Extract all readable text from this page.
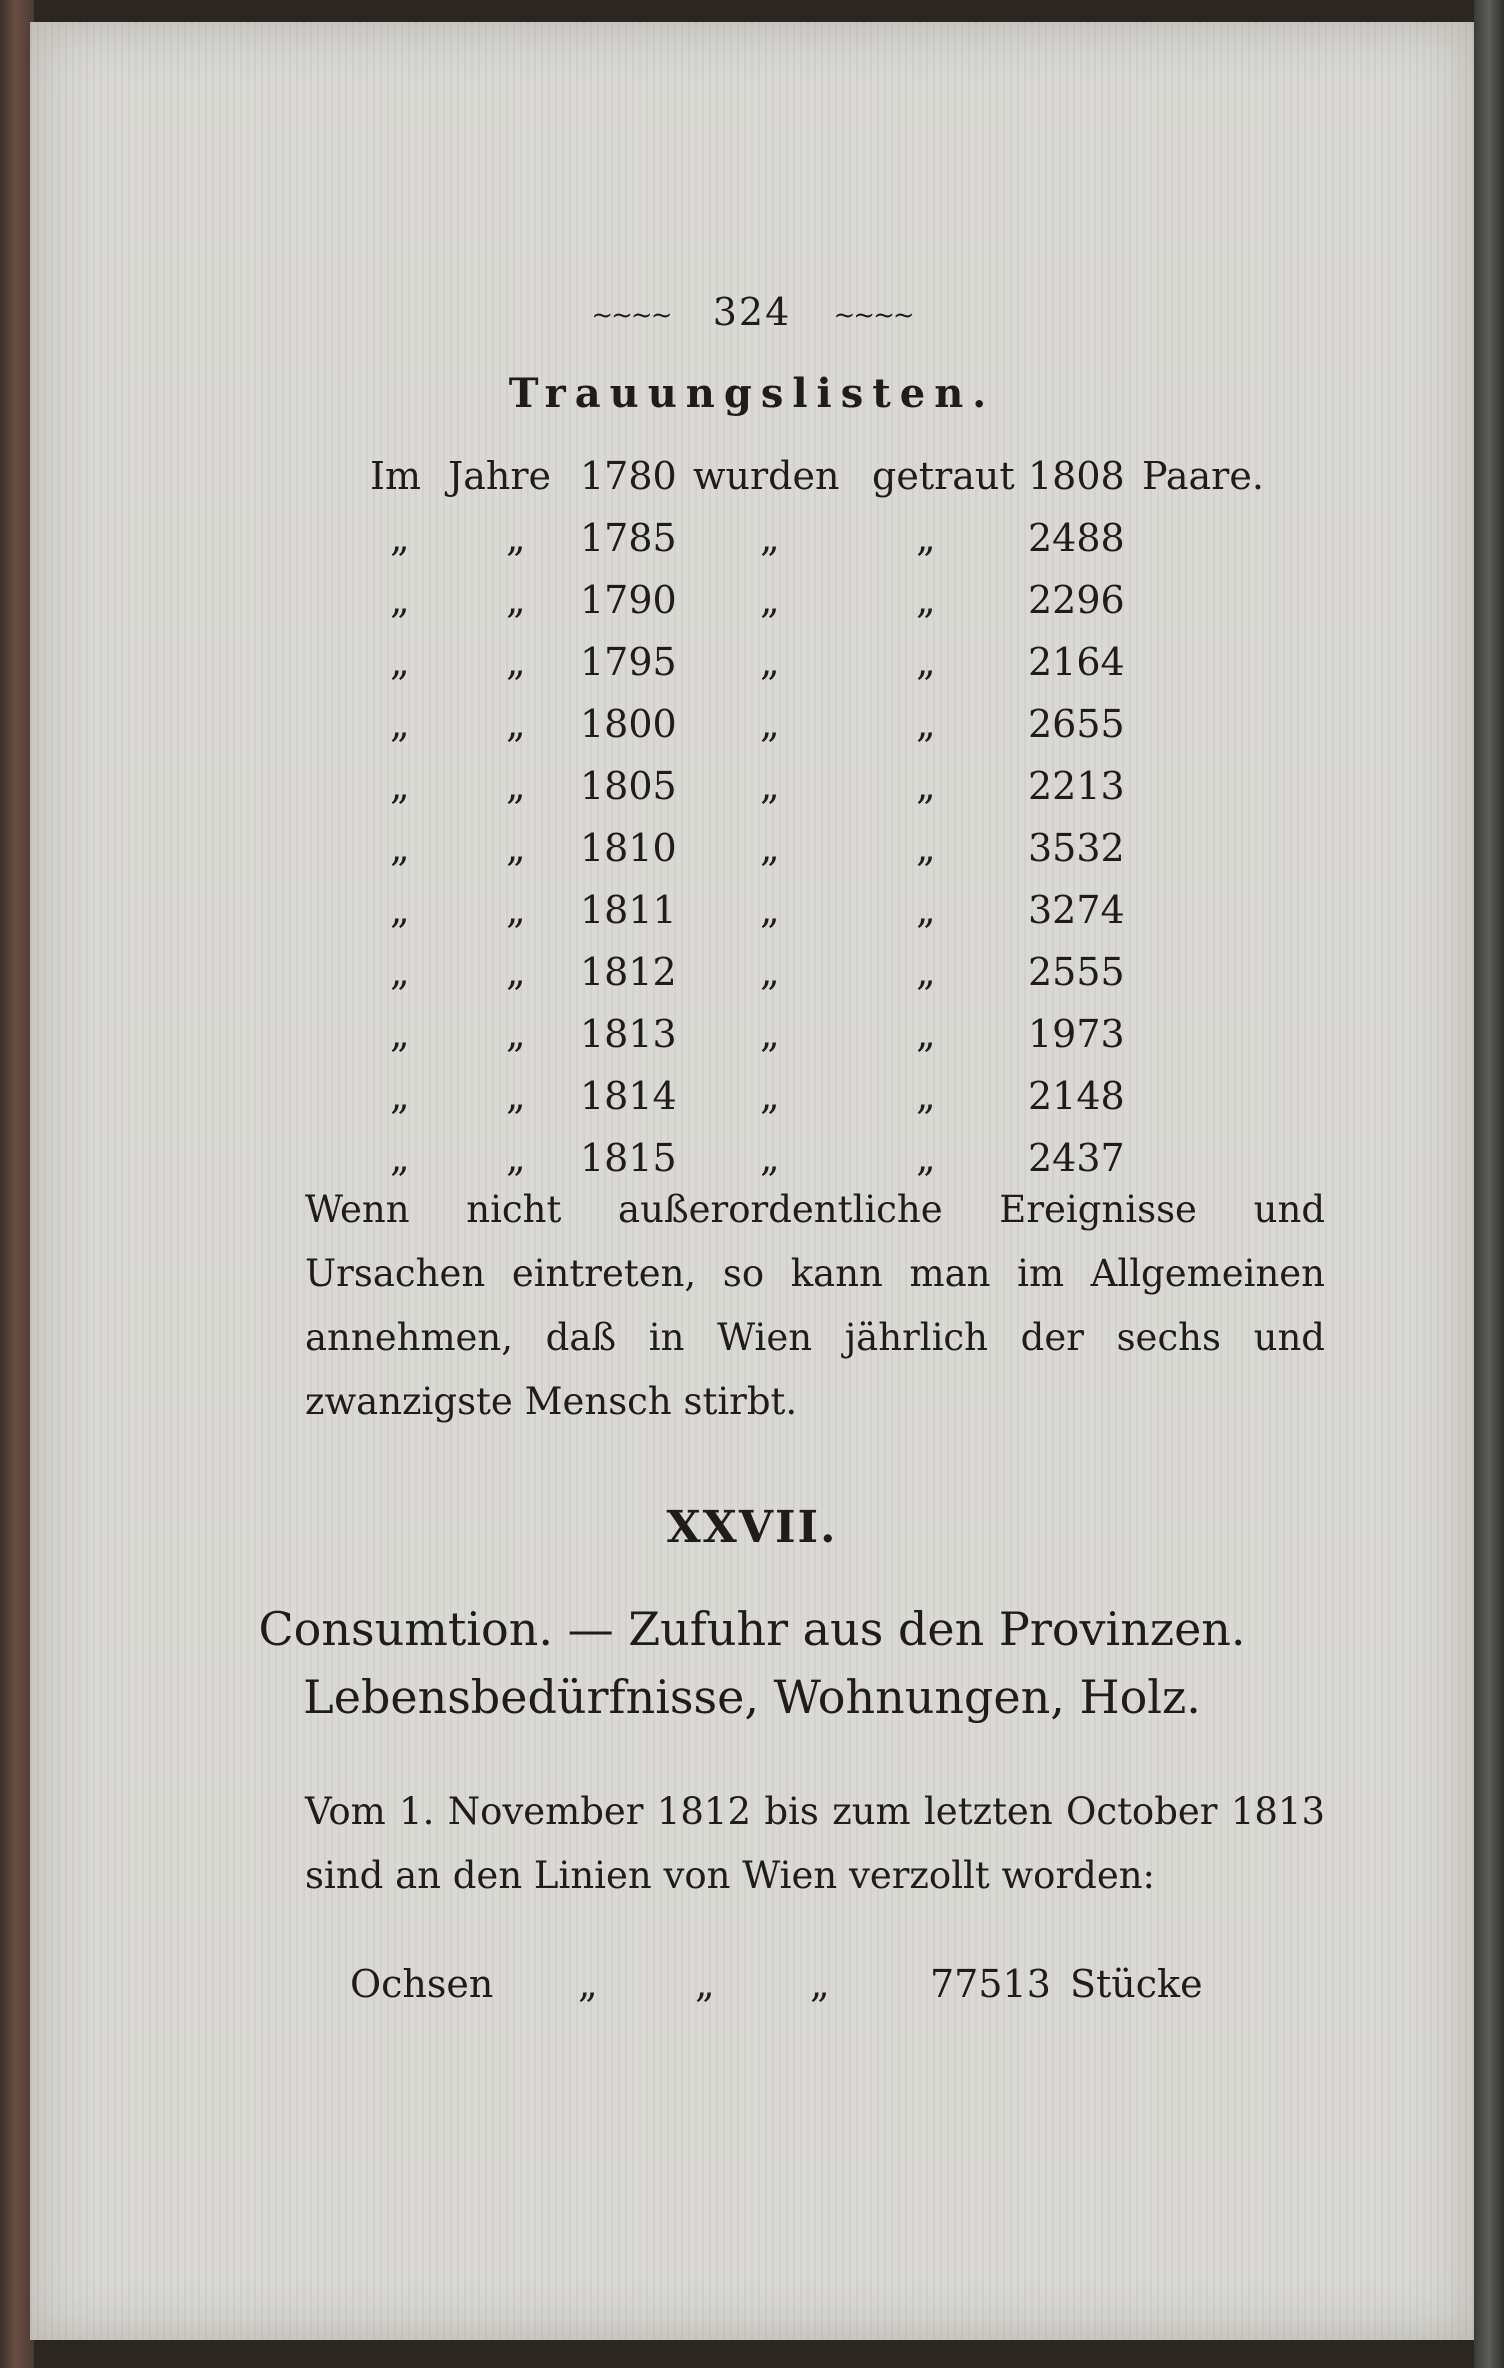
~~~~ 324 ~~~~
Trauungslisten.
Im Jahre 1780 wurden getraut 1808 Paare.
„	„ 1785 „	„ 2488
„	„ 1790 „	„ 2296
„	„ 1795 „	„ 2164
„	„ 1800 „	„ 2655
„	„ 1805 „	„ 2213
„	„ 1810 „	„ 3532
„	„ 1811 „	„ 3274
„	„ 1812 „	„ 2555
„	„ 1813 „	„ 1973
„	„ 1814 „	„ 2148
„	„ 1815 „	„ 2437
Wenn nicht außerordentliche Ereignisse und Ursachen eintreten, so kann man im Allgemeinen annehmen, daß in Wien jährlich der sechs und zwanzigste Mensch stirbt.
XXVII.
Consumtion. — Zufuhr aus den Provinzen.
Lebensbedürfnisse, Wohnungen, Holz.
Vom 1. November 1812 bis zum letzten October 1813 sind an den Linien von Wien verzollt worden:
Ochsen „	„	„	77513 Stücke
